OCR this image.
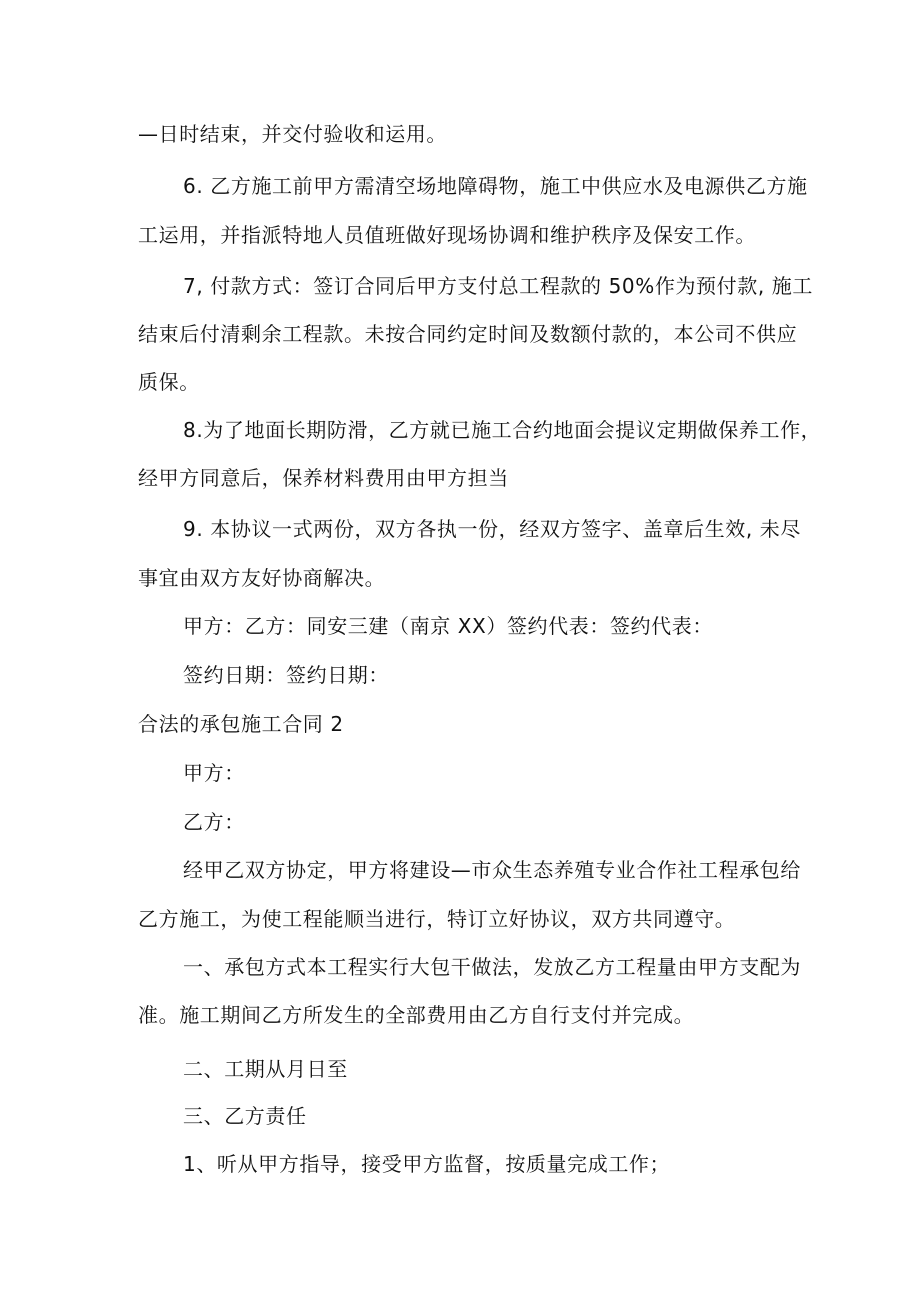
—日时结束，并交付验收和运用。
6. 乙方施工前甲方需清空场地障碍物，施工中供应水及电源供乙方施
工运用，并指派特地人员值班做好现场协调和维护秩序及保安工作。
7, 付款方式：签订合同后甲方支付总工程款的 50%作为预付款, 施工
结束后付清剩余工程款。未按合同约定时间及数额付款的，本公司不供应
质保。
8.为了地面长期防滑，乙方就已施工合约地面会提议定期做保养工作，
经甲方同意后，保养材料费用由甲方担当
9. 本协议一式两份，双方各执一份，经双方签字、盖章后生效, 未尽
事宜由双方友好协商解决。
甲方：乙方：同安三建（南京 XX）签约代表：签约代表：
签约日期：签约日期：
合法的承包施工合同 2
甲方：
乙方：
经甲乙双方协定，甲方将建设—市众生态养殖专业合作社工程承包给
乙方施工，为使工程能顺当进行，特订立好协议，双方共同遵守。
一、承包方式本工程实行大包干做法，发放乙方工程量由甲方支配为
准。施工期间乙方所发生的全部费用由乙方自行支付并完成。
二、工期从月日至
三、乙方责任
1、听从甲方指导，接受甲方监督，按质量完成工作；
